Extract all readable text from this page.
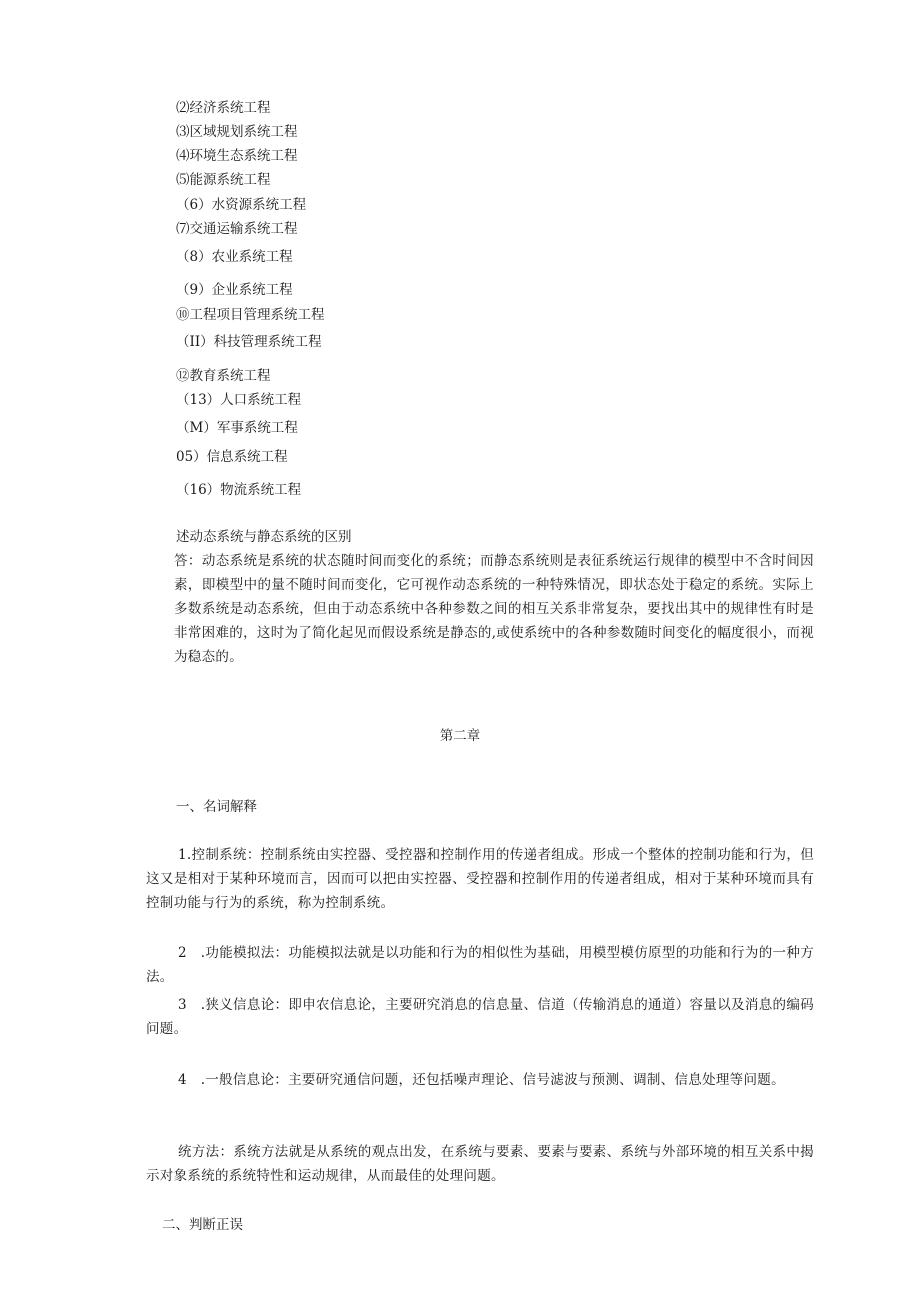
⑵经济系统工程
⑶区域规划系统工程
⑷环境生态系统工程
⑸能源系统工程
（6）水资源系统工程
⑺交通运输系统工程
（8）农业系统工程
（9）企业系统工程
⑩工程项目管理系统工程
（II）科技管理系统工程
⑫教育系统工程
（13）人口系统工程
（M）军事系统工程
05）信息系统工程
（16）物流系统工程
述动态系统与静态系统的区别
答：动态系统是系统的状态随时间而变化的系统；而静态系统则是表征系统运行规律的模型中不含时间因素，即模型中的量不随时间而变化，它可视作动态系统的一种特殊情况，即状态处于稳定的系统。实际上多数系统是动态系统，但由于动态系统中各种参数之间的相互关系非常复杂，要找出其中的规律性有时是非常困难的，这时为了简化起见而假设系统是静态的,或使系统中的各种参数随时间变化的幅度很小，而视为稳态的。
第二章
一、名词解释
1.控制系统：控制系统由实控器、受控器和控制作用的传递者组成。形成一个整体的控制功能和行为，但这又是相对于某种环境而言，因而可以把由实控器、受控器和控制作用的传递者组成，相对于某种环境而具有控制功能与行为的系统，称为控制系统。
2　.功能模拟法：功能模拟法就是以功能和行为的相似性为基础，用模型模仿原型的功能和行为的一种方法。
3　.狭义信息论：即申农信息论，主要研究消息的信息量、信道（传输消息的通道）容量以及消息的编码问题。
4　.一般信息论：主要研究通信问题，还包括噪声理论、信号滤波与预测、调制、信息处理等问题。
统方法：系统方法就是从系统的观点出发，在系统与要素、要素与要素、系统与外部环境的相互关系中揭示对象系统的系统特性和运动规律，从而最佳的处理问题。
二、判断正误
